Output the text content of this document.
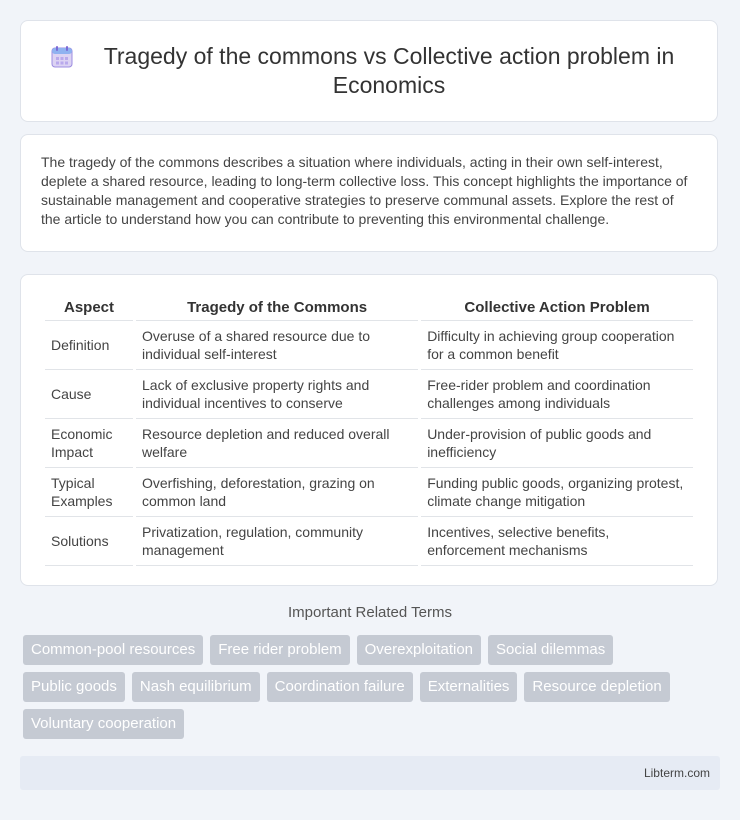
Tragedy of the commons vs Collective action problem in Economics

The tragedy of the commons describes a situation where individuals, acting in their own self-interest, deplete a shared resource, leading to long-term collective loss. This concept highlights the importance of sustainable management and cooperative strategies to preserve communal assets. Explore the rest of the article to understand how you can contribute to preventing this environmental challenge.

Aspect	Tragedy of the Commons	Collective Action Problem
Definition	Overuse of a shared resource due to individual self-interest	Difficulty in achieving group cooperation for a common benefit
Cause	Lack of exclusive property rights and individual incentives to conserve	Free-rider problem and coordination challenges among individuals
Economic Impact	Resource depletion and reduced overall welfare	Under-provision of public goods and inefficiency
Typical Examples	Overfishing, deforestation, grazing on common land	Funding public goods, organizing protest, climate change mitigation
Solutions	Privatization, regulation, community management	Incentives, selective benefits, enforcement mechanisms
Important Related Terms
Common-pool resources	Free rider problem	Overexploitation	Social dilemmas
Public goods	Nash equilibrium	Coordination failure	Externalities	Resource depletion
Voluntary cooperation
Libterm.com
